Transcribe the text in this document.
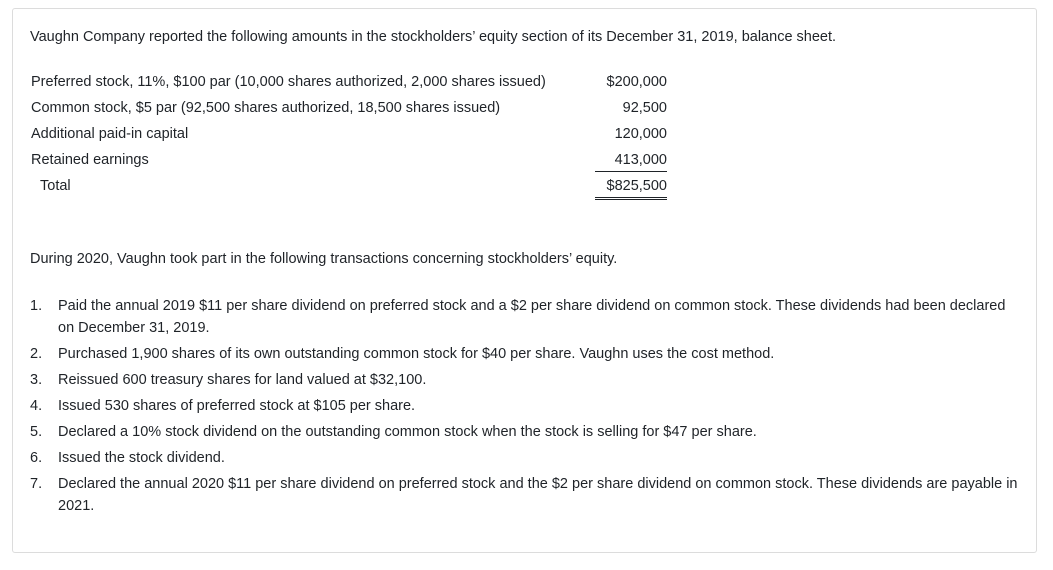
Vaughn Company reported the following amounts in the stockholders’ equity section of its December 31, 2019, balance sheet.
Preferred stock, 11%, $100 par (10,000 shares authorized, 2,000 shares issued)	$200,000
Common stock, $5 par (92,500 shares authorized, 18,500 shares issued)	92,500
Additional paid-in capital	120,000
Retained earnings	413,000
Total	$825,500
During 2020, Vaughn took part in the following transactions concerning stockholders’ equity.
1.	Paid the annual 2019 $11 per share dividend on preferred stock and a $2 per share dividend on common stock. These dividends had been declared on December 31, 2019.
2.	Purchased 1,900 shares of its own outstanding common stock for $40 per share. Vaughn uses the cost method.
3.	Reissued 600 treasury shares for land valued at $32,100.
4.	Issued 530 shares of preferred stock at $105 per share.
5.	Declared a 10% stock dividend on the outstanding common stock when the stock is selling for $47 per share.
6.	Issued the stock dividend.
7.	Declared the annual 2020 $11 per share dividend on preferred stock and the $2 per share dividend on common stock. These dividends are payable in 2021.
